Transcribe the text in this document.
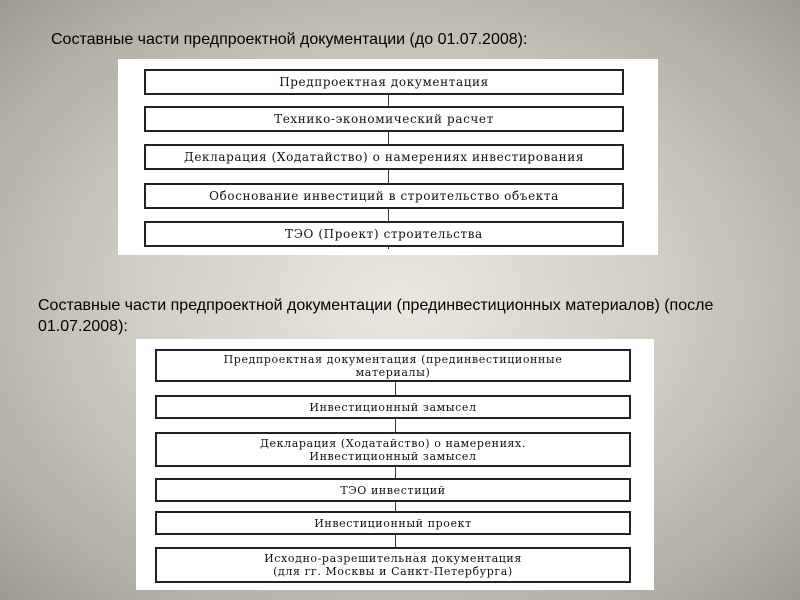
Составные части предпроектной документации (до 01.07.2008):
Предпроектная документация
Технико-экономический расчет
Декларация (Ходатайство) о намерениях инвестирования
Обоснование инвестиций в строительство объекта
ТЭО (Проект) строительства
Составные части предпроектной документации (прединвестиционных материалов) (после 01.07.2008):
Предпроектная документация (прединвестиционные
материалы)
Инвестиционный замысел
Декларация (Ходатайство) о намерениях.
Инвестиционный замысел
ТЭО инвестиций
Инвестиционный проект
Исходно-разрешительная документация
(для гг. Москвы и Санкт-Петербурга)
